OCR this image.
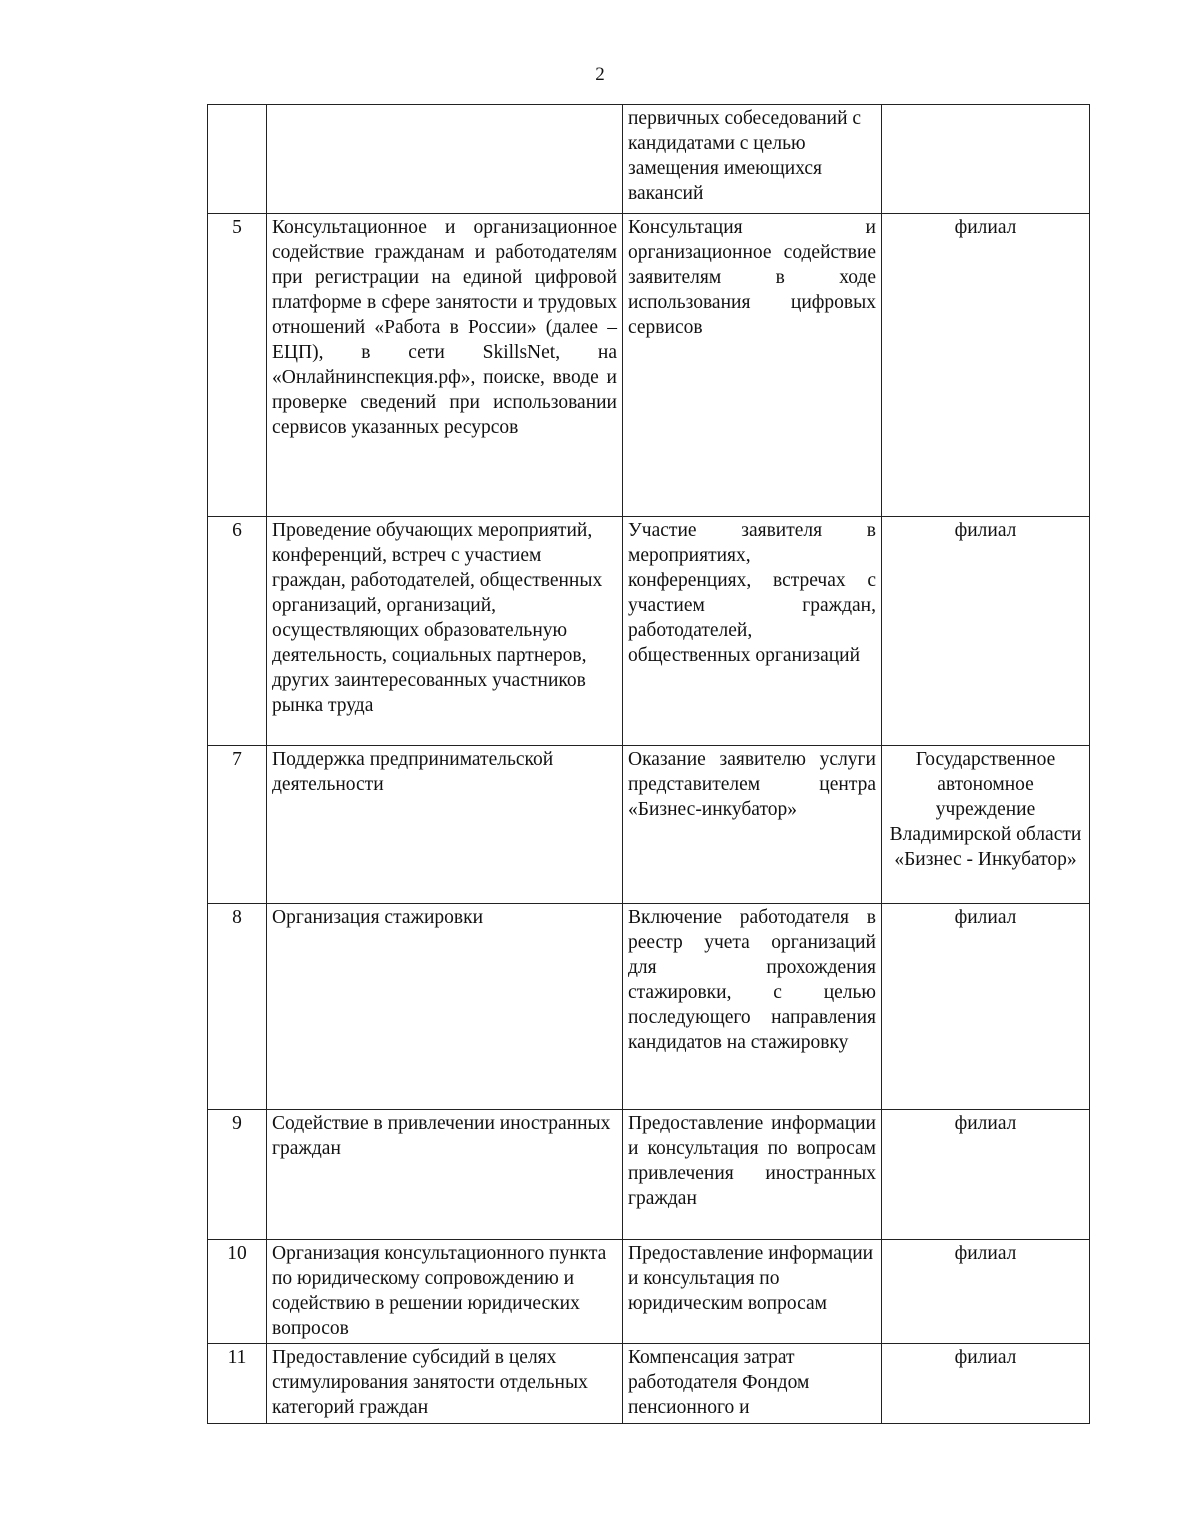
2
		первичных собеседований с кандидатами с целью замещения имеющихся вакансий	
5	Консультационное и организационное содействие гражданам и работодателям при регистрации на единой цифровой платформе в сфере занятости и трудовых отношений «Работа в России» (далее – ЕЦП), в сети SkillsNet, на «Онлайнинспекция.рф», поиске, вводе и проверке сведений при использовании сервисов указанных ресурсов	Консультация и организационное содействие заявителям в ходе использования цифровых сервисов	филиал
6	Проведение обучающих мероприятий, конференций, встреч с участием граждан, работодателей, общественных организаций, организаций, осуществляющих образовательную деятельность, социальных партнеров, других заинтересованных участников рынка труда	Участие заявителя в мероприятиях, конференциях, встречах с участием граждан, работодателей, общественных организаций	филиал
7	Поддержка предпринимательской деятельности	Оказание заявителю услуги представителем центра «Бизнес-инкубатор»	Государственное автономное учреждение Владимирской области «Бизнес - Инкубатор»
8	Организация стажировки	Включение работодателя в реестр учета организаций для прохождения стажировки, с целью последующего направления кандидатов на стажировку	филиал
9	Содействие в привлечении иностранных граждан	Предоставление информации и консультация по вопросам привлечения иностранных граждан	филиал
10	Организация консультационного пункта по юридическому сопровождению и содействию в решении юридических вопросов	Предоставление информации и консультация по юридическим вопросам	филиал
11	Предоставление субсидий в целях стимулирования занятости отдельных категорий граждан	Компенсация затрат работодателя Фондом пенсионного и	филиал
